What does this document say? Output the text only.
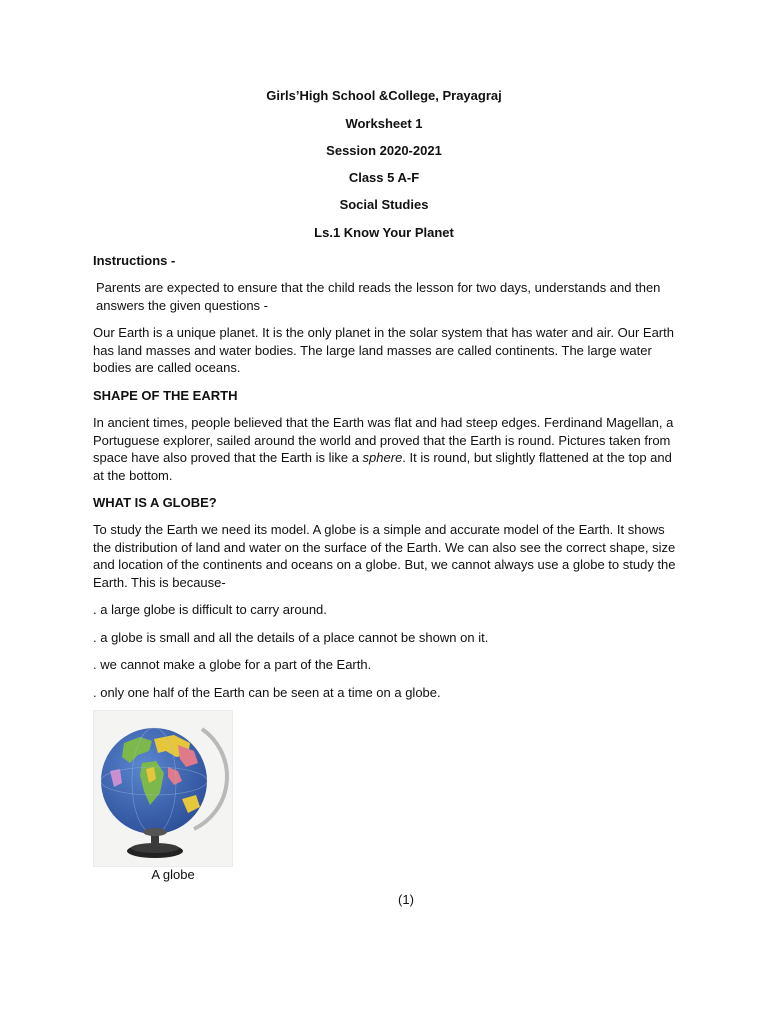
Girls’High School &College, Prayagraj
Worksheet 1
Session 2020-2021
Class 5 A-F
Social Studies
Ls.1 Know Your Planet
Instructions -
Parents are expected to ensure that the child reads the lesson for two days, understands and then answers the given questions -
Our Earth is a unique planet. It is the only planet in the solar system that has water and air. Our Earth has land masses and water bodies. The large land masses are called continents. The large water bodies are called oceans.
SHAPE OF THE EARTH
In ancient times, people believed that the Earth was flat and had steep edges. Ferdinand Magellan, a Portuguese explorer, sailed around the world and proved that the Earth is round. Pictures taken from space have also proved that the Earth is like a sphere. It is round, but slightly flattened at the top and at the bottom.
WHAT IS A GLOBE?
To study the Earth we need its model. A globe is a simple and accurate model of the Earth. It shows the distribution of land and water on the surface of the Earth. We can also see the correct shape, size and location of the continents and oceans on a globe. But, we cannot always use a globe to study the Earth. This is because-
. a large globe is difficult to carry around.
. a globe is small and all the details of a place cannot be shown on it.
. we cannot make a globe for a part of the Earth.
. only one half of the Earth can be seen at a time on a globe.
A globe
(1)
